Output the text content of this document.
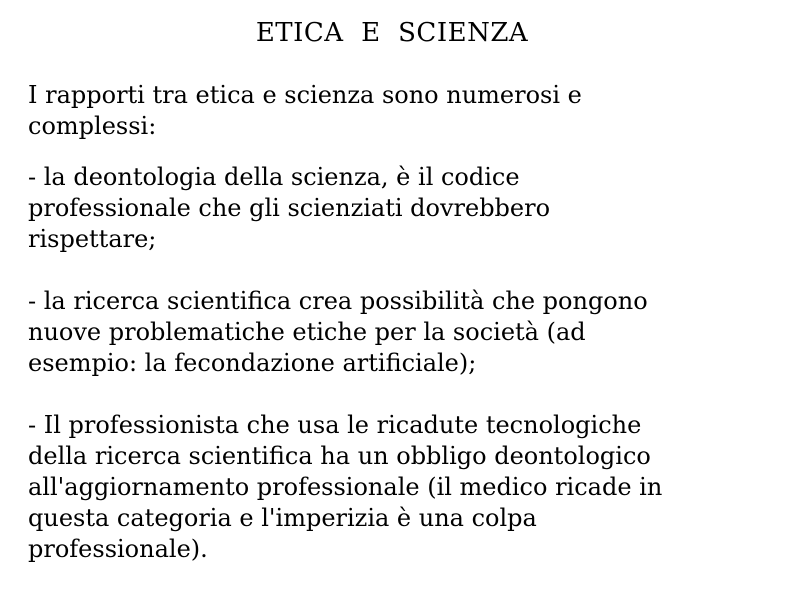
ETICA  E  SCIENZA

I rapporti tra etica e scienza sono numerosi e
complessi:

- la deontologia della scienza, è il codice
professionale che gli scienziati dovrebbero
rispettare;

- la ricerca scientifica crea possibilità che pongono
nuove problematiche etiche per la società (ad
esempio: la fecondazione artificiale);

- Il professionista che usa le ricadute tecnologiche
della ricerca scientifica ha un obbligo deontologico
all'aggiornamento professionale (il medico ricade in
questa categoria e l'imperizia è una colpa
professionale).
